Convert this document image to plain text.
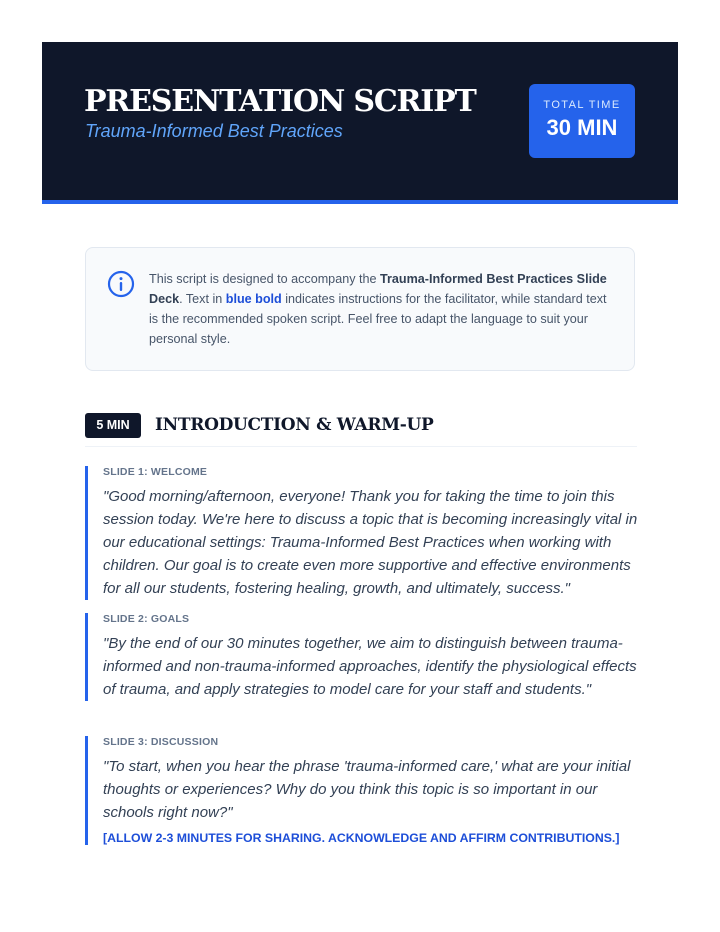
PRESENTATION SCRIPT
Trauma-Informed Best Practices
TOTAL TIME
30 MIN

This script is designed to accompany the Trauma-Informed Best Practices Slide Deck. Text in blue bold indicates instructions for the facilitator, while standard text is the recommended spoken script. Feel free to adapt the language to suit your personal style.

5 MIN	INTRODUCTION & WARM-UP
SLIDE 1: WELCOME
"Good morning/afternoon, everyone! Thank you for taking the time to join this session today. We're here to discuss a topic that is becoming increasingly vital in our educational settings: Trauma-Informed Best Practices when working with children. Our goal is to create even more supportive and effective environments for all our students, fostering healing, growth, and ultimately, success."
SLIDE 2: GOALS
"By the end of our 30 minutes together, we aim to distinguish between trauma-informed and non-trauma-informed approaches, identify the physiological effects of trauma, and apply strategies to model care for your staff and students."
SLIDE 3: DISCUSSION
"To start, when you hear the phrase 'trauma-informed care,' what are your initial thoughts or experiences? Why do you think this topic is so important in our schools right now?"
[ALLOW 2-3 MINUTES FOR SHARING. ACKNOWLEDGE AND AFFIRM CONTRIBUTIONS.]
